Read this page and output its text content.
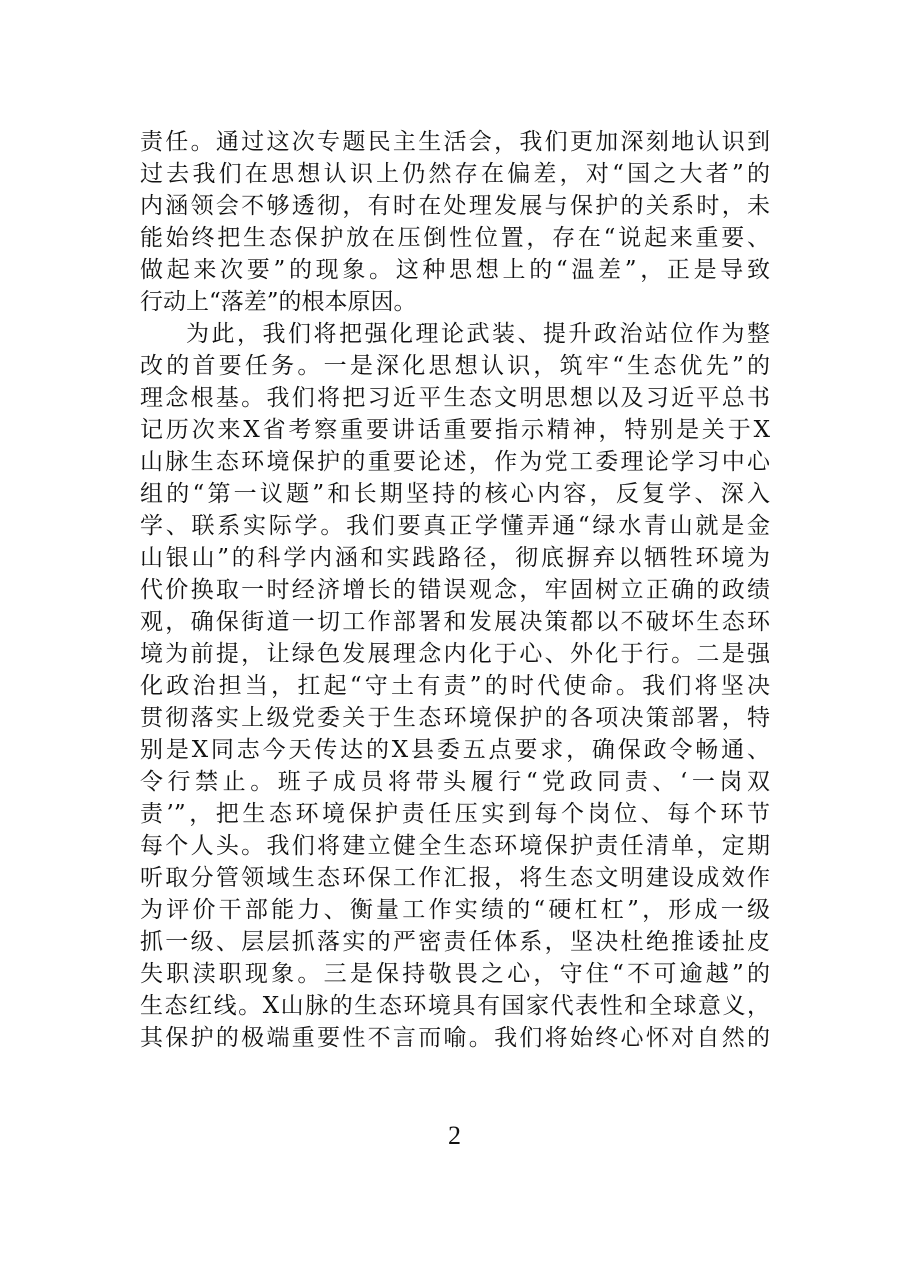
责任。通过这次专题民主生活会，我们更加深刻地认识到
过去我们在思想认识上仍然存在偏差，对“国之大者”的
内涵领会不够透彻，有时在处理发展与保护的关系时，未
能始终把生态保护放在压倒性位置，存在“说起来重要、
做起来次要”的现象。这种思想上的“温差”，正是导致
行动上“落差”的根本原因。
为此，我们将把强化理论武装、提升政治站位作为整
改的首要任务。一是深化思想认识，筑牢“生态优先”的
理念根基。我们将把习近平生态文明思想以及习近平总书
记历次来X省考察重要讲话重要指示精神，特别是关于X
山脉生态环境保护的重要论述，作为党工委理论学习中心
组的“第一议题”和长期坚持的核心内容，反复学、深入
学、联系实际学。我们要真正学懂弄通“绿水青山就是金
山银山”的科学内涵和实践路径，彻底摒弃以牺牲环境为
代价换取一时经济增长的错误观念，牢固树立正确的政绩
观，确保街道一切工作部署和发展决策都以不破坏生态环
境为前提，让绿色发展理念内化于心、外化于行。二是强
化政治担当，扛起“守土有责”的时代使命。我们将坚决
贯彻落实上级党委关于生态环境保护的各项决策部署，特
别是X同志今天传达的X县委五点要求，确保政令畅通、
令行禁止。班子成员将带头履行“党政同责、‘一岗双
责’”，把生态环境保护责任压实到每个岗位、每个环节
每个人头。我们将建立健全生态环境保护责任清单，定期
听取分管领域生态环保工作汇报，将生态文明建设成效作
为评价干部能力、衡量工作实绩的“硬杠杠”，形成一级
抓一级、层层抓落实的严密责任体系，坚决杜绝推诿扯皮
失职渎职现象。三是保持敬畏之心，守住“不可逾越”的
生态红线。X山脉的生态环境具有国家代表性和全球意义，
其保护的极端重要性不言而喻。我们将始终心怀对自然的
2
